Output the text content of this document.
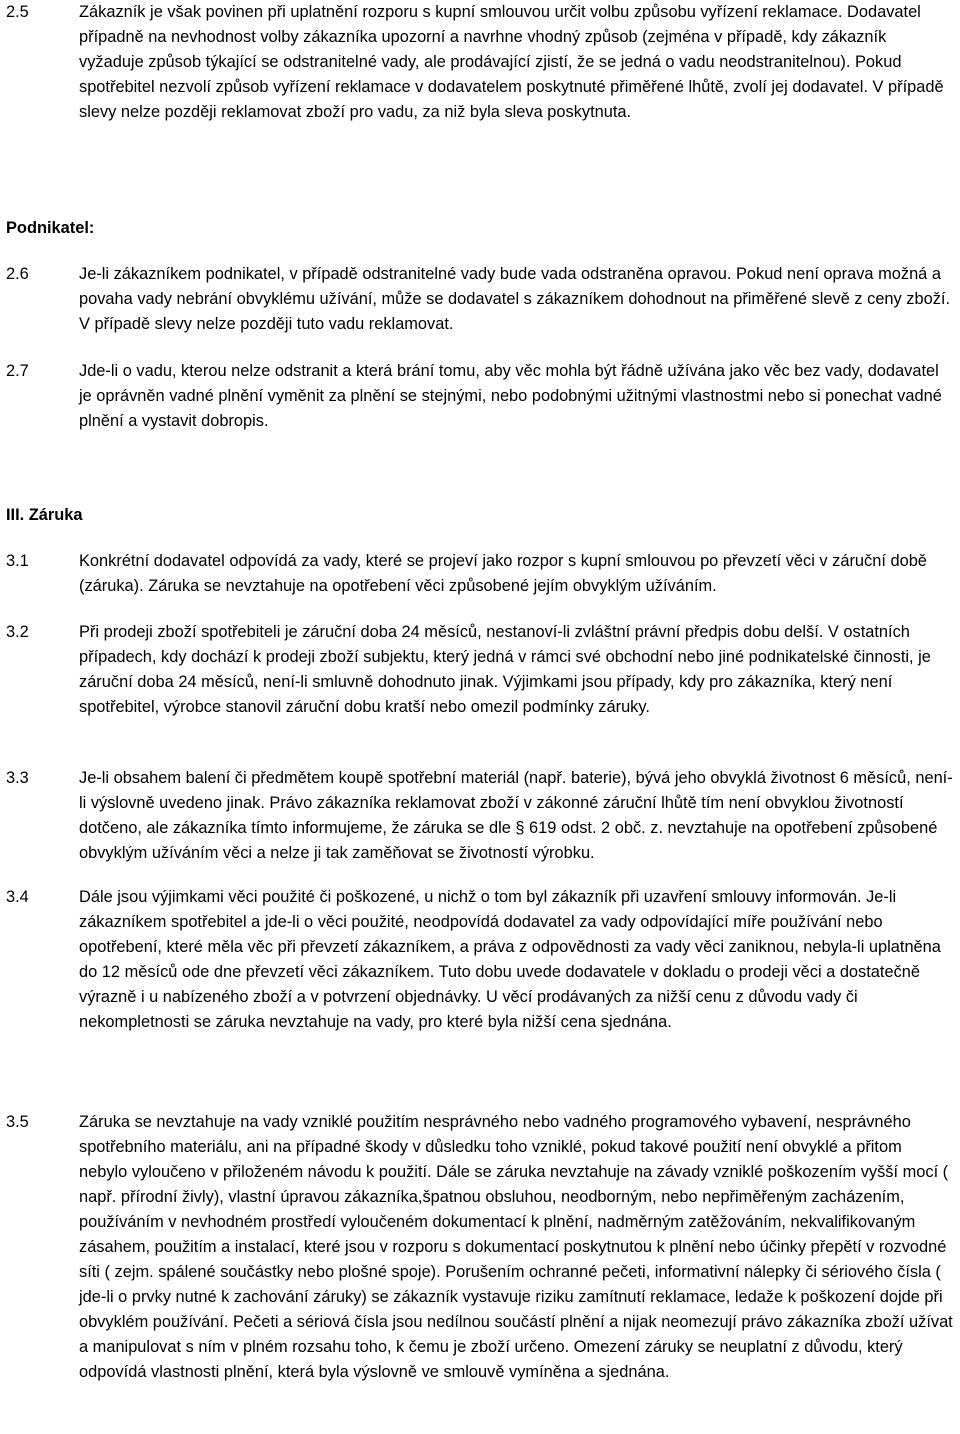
2.5	Zákazník je však povinen při uplatnění rozporu s kupní smlouvou určit volbu způsobu vyřízení reklamace. Dodavatel případně na nevhodnost volby zákazníka upozorní a navrhne vhodný způsob (zejména v případě, kdy zákazník vyžaduje způsob týkající se odstranitelné vady, ale prodávající zjistí, že se jedná o vadu neodstranitelnou). Pokud spotřebitel nezvolí způsob vyřízení reklamace v dodavatelem poskytnuté přiměřené lhůtě, zvolí jej dodavatel. V případě slevy nelze později reklamovat zboží pro vadu, za niž byla sleva poskytnuta.
Podnikatel:
2.6	Je-li zákazníkem podnikatel, v případě odstranitelné vady bude vada odstraněna opravou. Pokud není oprava možná a povaha vady nebrání obvyklému užívání, může se dodavatel s zákazníkem dohodnout na přiměřené slevě z ceny zboží. V případě slevy nelze později tuto vadu reklamovat.
2.7	Jde-li o vadu, kterou nelze odstranit a která brání tomu, aby věc mohla být řádně užívána jako věc bez vady, dodavatel je oprávněn vadné plnění vyměnit za plnění se stejnými, nebo podobnými užitnými vlastnostmi nebo si ponechat vadné plnění a vystavit dobropis.
III. Záruka
3.1	Konkrétní dodavatel odpovídá za vady, které se projeví jako rozpor s kupní smlouvou po převzetí věci v záruční době (záruka). Záruka se nevztahuje na opotřebení věci způsobené jejím obvyklým užíváním.
3.2	Při prodeji zboží spotřebiteli je záruční doba 24 měsíců, nestanoví-li zvláštní právní předpis dobu delší. V ostatních případech, kdy dochází k prodeji zboží subjektu, který jedná v rámci své obchodní nebo jiné podnikatelské činnosti, je záruční doba 24 měsíců, není-li smluvně dohodnuto jinak. Výjimkami jsou případy, kdy pro zákazníka, který není spotřebitel, výrobce stanovil záruční dobu kratší nebo omezil podmínky záruky.
3.3	Je-li obsahem balení či předmětem koupě spotřební materiál (např. baterie), bývá jeho obvyklá životnost 6 měsíců, není-li výslovně uvedeno jinak. Právo zákazníka reklamovat zboží v zákonné záruční lhůtě tím není obvyklou životností dotčeno, ale zákazníka tímto informujeme, že záruka se dle § 619 odst. 2 obč. z. nevztahuje na opotřebení způsobené obvyklým užíváním věci a nelze ji tak zaměňovat se životností výrobku.
3.4	Dále jsou výjimkami věci použité či poškozené, u nichž o tom byl zákazník při uzavření smlouvy informován. Je-li zákazníkem spotřebitel a jde-li o věci použité, neodpovídá dodavatel za vady odpovídající míře používání nebo opotřebení, které měla věc při převzetí zákazníkem, a práva z odpovědnosti za vady věci zaniknou, nebyla-li uplatněna do 12 měsíců ode dne převzetí věci zákazníkem. Tuto dobu uvede dodavatele v dokladu o prodeji věci a dostatečně výrazně i u nabízeného zboží a v potvrzení objednávky. U věcí prodávaných za nižší cenu z důvodu vady či nekompletnosti se záruka nevztahuje na vady, pro které byla nižší cena sjednána.
3.5	Záruka se nevztahuje na vady vzniklé použitím nesprávného nebo vadného programového vybavení, nesprávného spotřebního materiálu, ani na případné škody v důsledku toho vzniklé, pokud takové použití není obvyklé a přitom nebylo vyloučeno v přiloženém návodu k použití. Dále se záruka nevztahuje na závady vzniklé poškozením vyšší mocí ( např. přírodní živly), vlastní úpravou zákazníka,špatnou obsluhou, neodborným, nebo nepřiměřeným zacházením, používáním v nevhodném prostředí vyloučeném dokumentací k plnění, nadměrným zatěžováním, nekvalifikovaným zásahem, použitím a instalací, které jsou v rozporu s dokumentací poskytnutou k plnění nebo účinky přepětí v rozvodné síti ( zejm. spálené součástky nebo plošné spoje). Porušením ochranné pečeti, informativní nálepky či sériového čísla ( jde-li o prvky nutné k zachování záruky) se zákazník vystavuje riziku zamítnutí reklamace, ledaže k poškození dojde při obvyklém používání. Pečeti a sériová čísla jsou nedílnou součástí plnění a nijak neomezují právo zákazníka zboží užívat a manipulovat s ním v plném rozsahu toho, k čemu je zboží určeno. Omezení záruky se neuplatní z důvodu, který odpovídá vlastnosti plnění, která byla výslovně ve smlouvě vymíněna a sjednána.
